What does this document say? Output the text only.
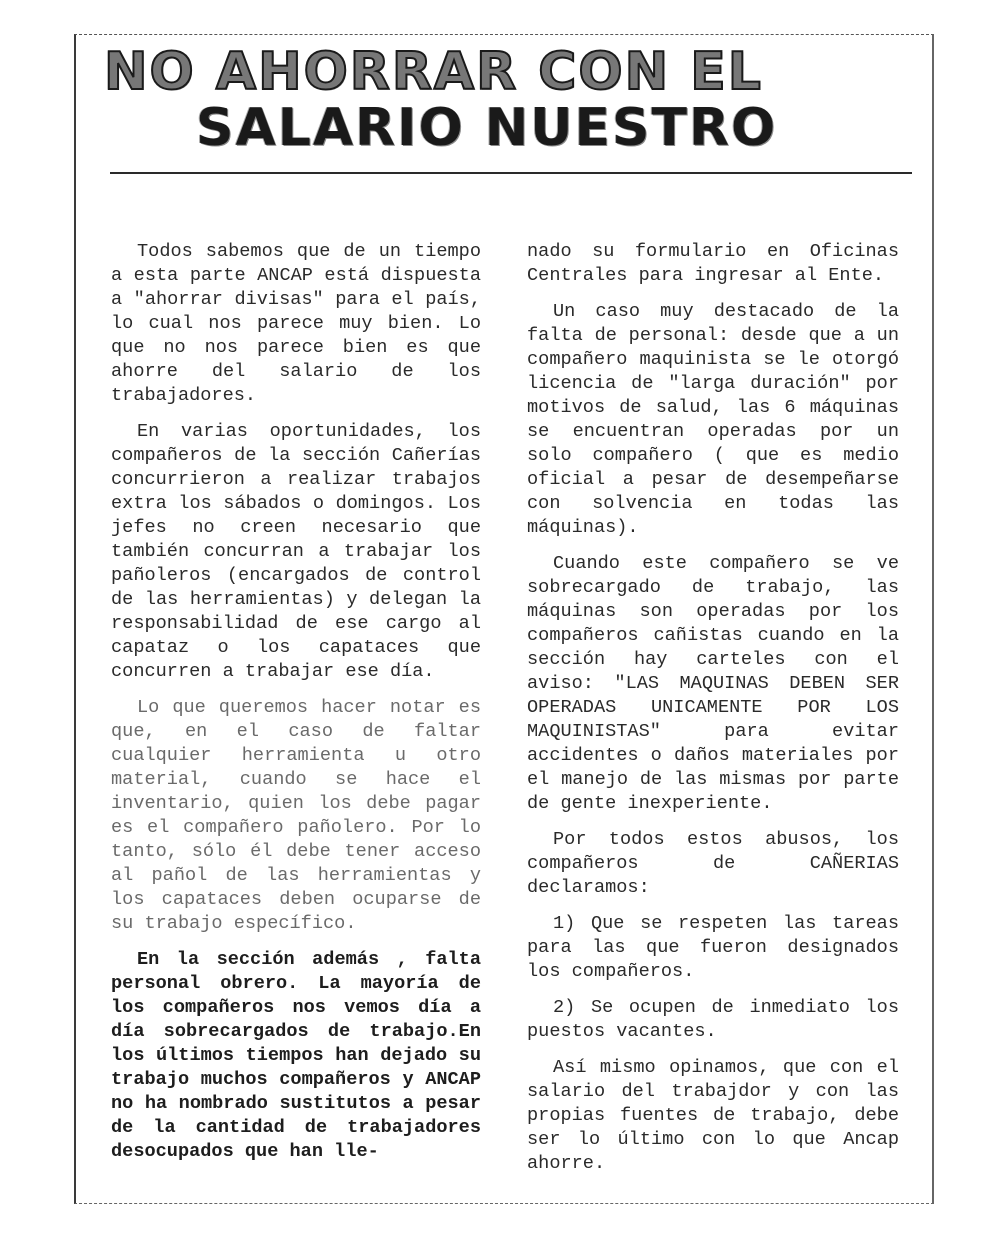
NO AHORRAR CON EL
SALARIO NUESTRO

Todos sabemos que de un tiempo a esta parte ANCAP está dispuesta a "ahorrar divisas" para el país, lo cual nos parece muy bien. Lo que no nos parece bien es que ahorre del salario de los trabajadores.

En varias oportunidades, los compañeros de la sección Cañerías concurrieron a realizar trabajos extra los sábados o domingos. Los jefes no creen necesario que también concurran a trabajar los pañoleros (encargados de control de las herramientas) y delegan la responsabilidad de ese cargo al capataz o los capataces que concurren a trabajar ese día.

Lo que queremos hacer notar es que, en el caso de faltar cualquier herramienta u otro material, cuando se hace el inventario, quien los debe pagar es el compañero pañolero. Por lo tanto, sólo él debe tener acceso al pañol de las herramientas y los capataces deben ocuparse de su trabajo específico.

En la sección además , falta personal obrero. La mayoría de los compañeros nos vemos día a día sobrecargados de trabajo.En los últimos tiempos han dejado su trabajo muchos compañeros y ANCAP no ha nombrado sustitutos a pesar de la cantidad de trabajadores desocupados que han lle-

nado su formulario en Oficinas Centrales para ingresar al Ente.

Un caso muy destacado de la falta de personal: desde que a un compañero maquinista se le otorgó licencia de "larga duración" por motivos de salud, las 6 máquinas se encuentran operadas por un solo compañero ( que es medio oficial a pesar de desempeñarse con solvencia en todas las máquinas).

Cuando este compañero se ve sobrecargado de trabajo, las máquinas son operadas por los compañeros cañistas cuando en la sección hay carteles con el aviso: "LAS MAQUINAS DEBEN SER OPERADAS UNICAMENTE POR LOS MAQUINISTAS" para evitar accidentes o daños materiales por el manejo de las mismas por parte de gente inexperiente.

Por todos estos abusos, los compañeros de CAÑERIAS declaramos:

1) Que se respeten las tareas para las que fueron designados los compañeros.

2) Se ocupen de inmediato los puestos vacantes.

Así mismo opinamos, que con el salario del trabajdor y con las propias fuentes de trabajo, debe ser lo último con lo que Ancap ahorre.
